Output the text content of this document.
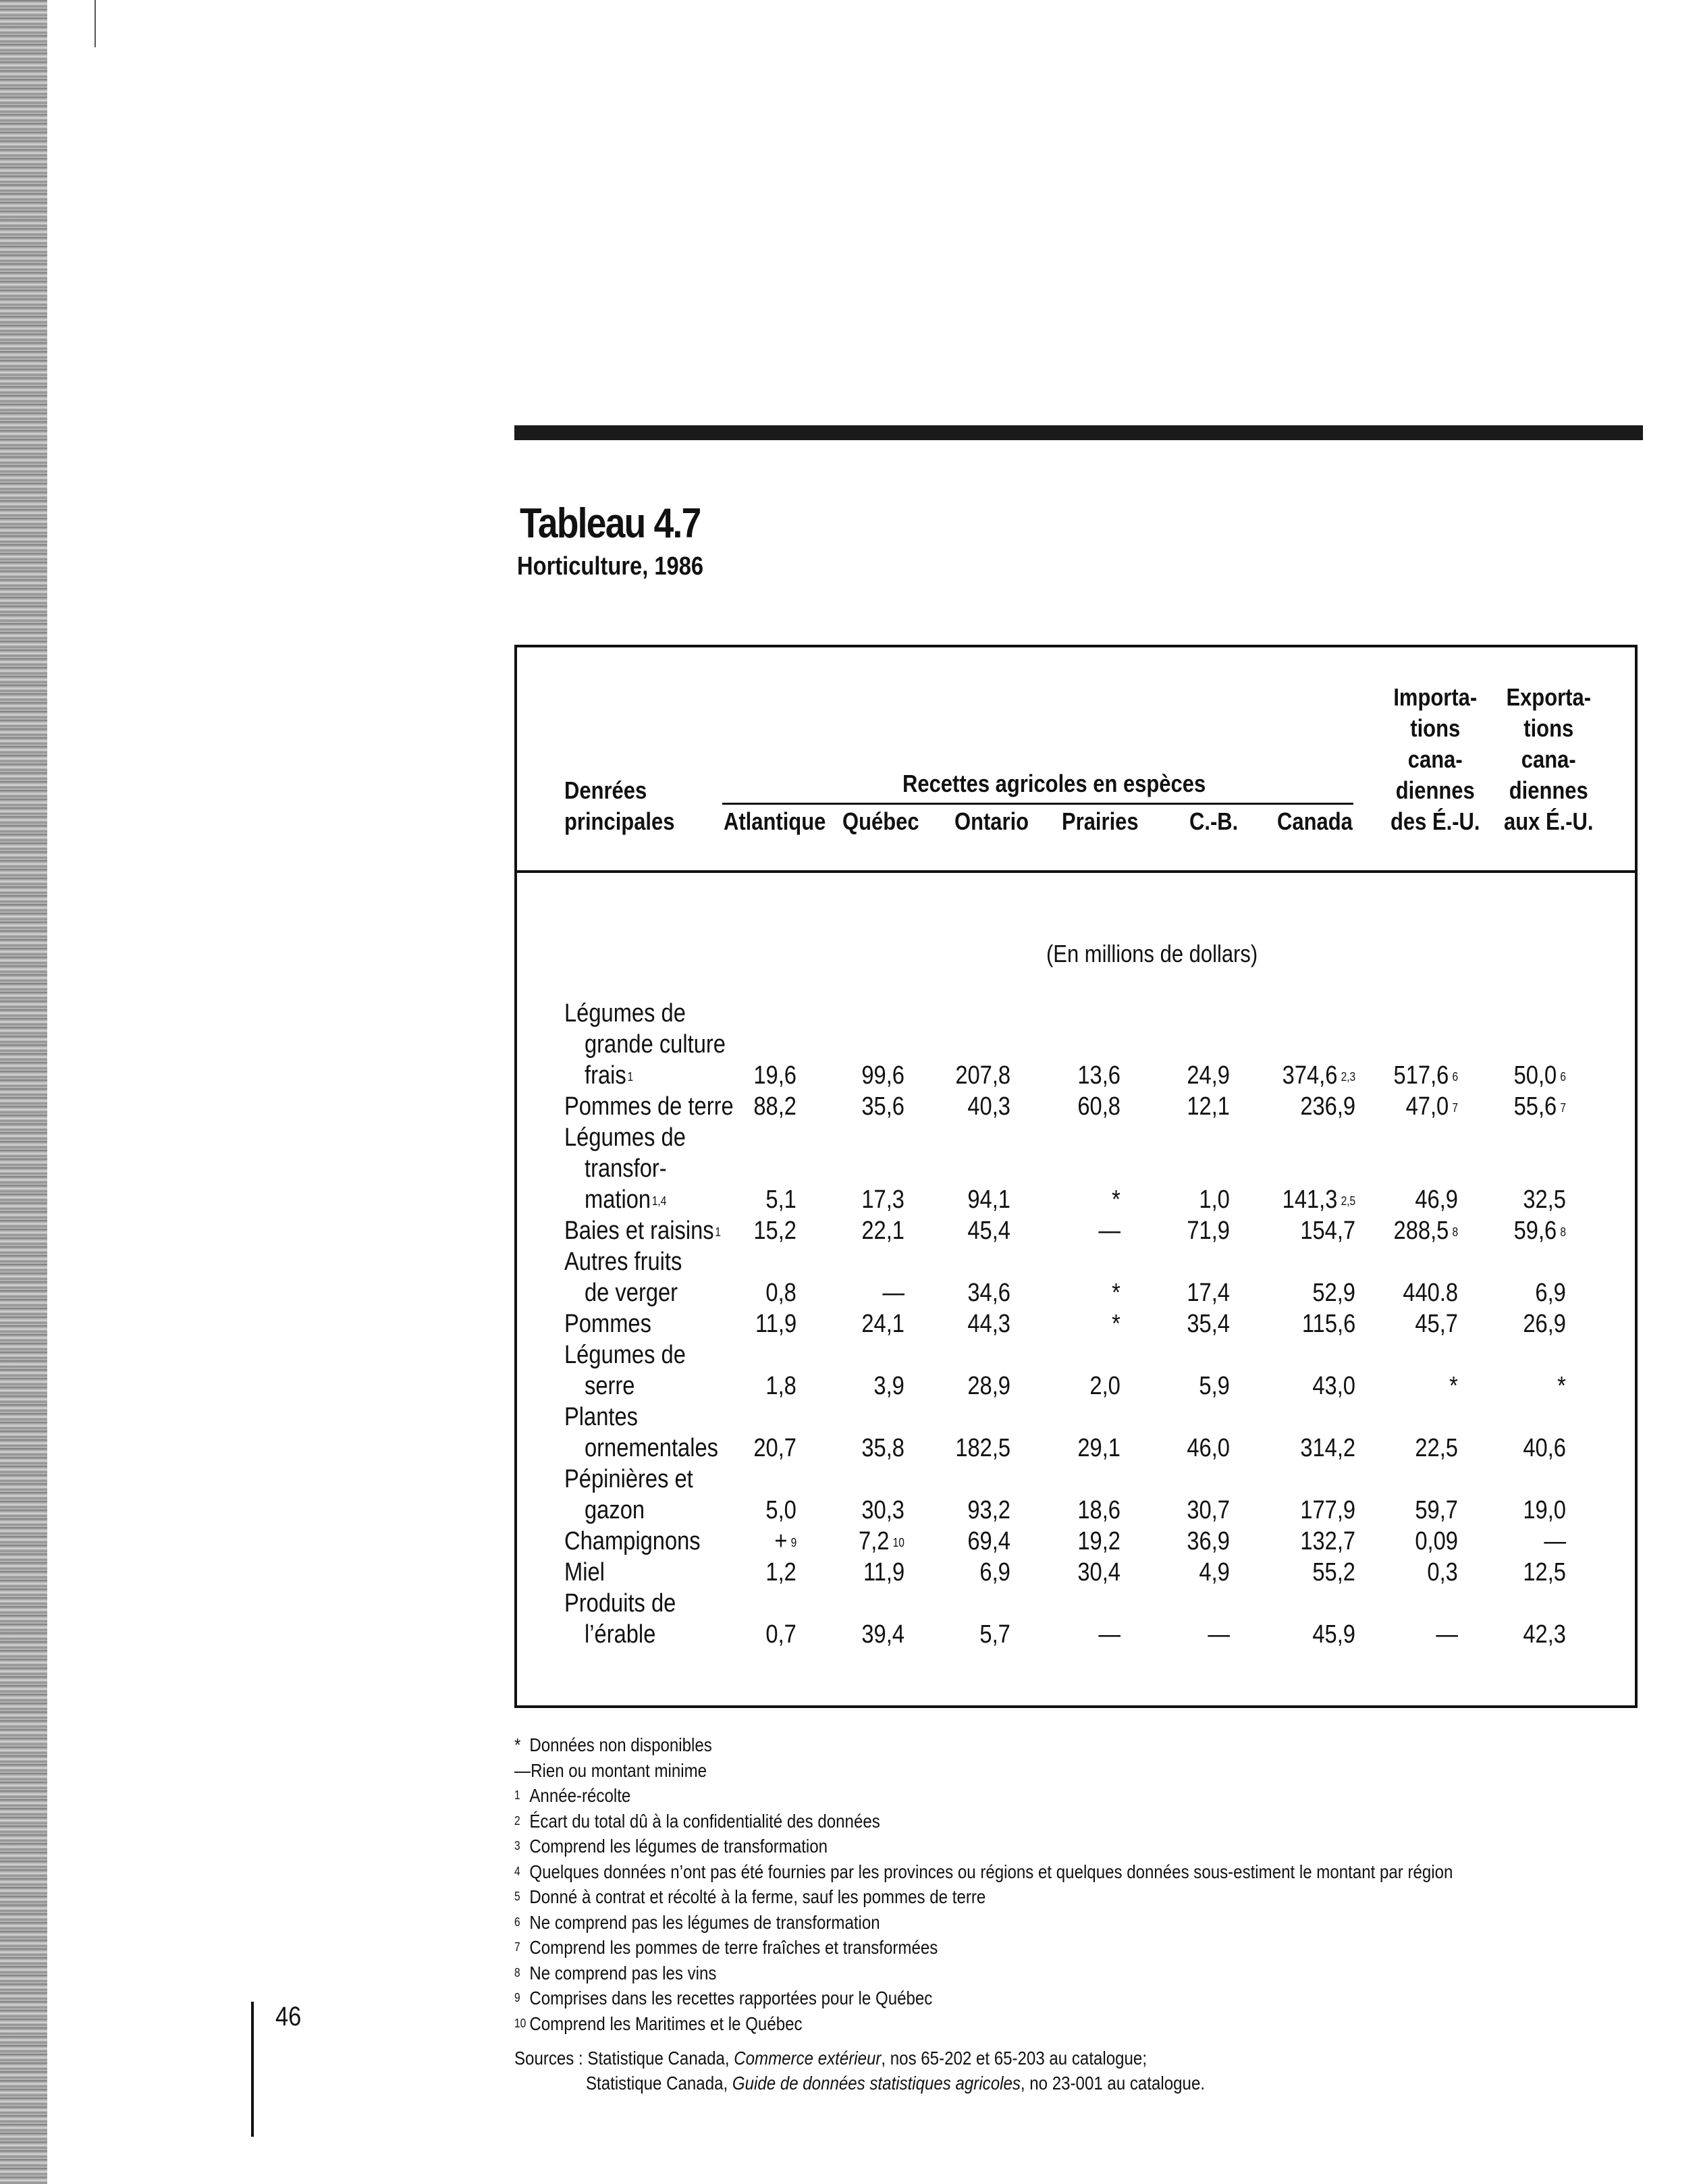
Tableau 4.7
Horticulture, 1986
Denrées
principales
Recettes agricoles en espèces
Atlantique Québec Ontario Prairies C.-B. Canada
Importa-
tions
cana-
diennes
des É.-U.
Exporta-
tions
cana-
diennes
aux É.-U.
(En millions de dollars)
Légumes de
grande culture
frais$^1$	19,6	99,6 207,8	13,6	24,9 374,6 $^{2,3}$ 517,6 $^6$ 50,0 $^6$
Pommes de terre 88,2	35,6 40,3	60,8	12,1	236,9 47,0 $^7$ 55,6 $^7$
Légumes de
transfor-
mation$^{1,4}$	5,1	17,3 94,1	*	1,0 141,3 $^{2,5}$ 46,9	32,5
Baies et raisins$^1$ 15,2	22,1 45,4	—	71,9	154,7 288,5 $^8$ 59,6 $^8$
Autres fruits
de verger	0,8	— 34,6	*	17,4	52,9 440.8	6,9
Pommes	11,9	24,1 44,3	*	35,4	115,6 45,7	26,9
Légumes de
serre	1,8	3,9 28,9	2,0	5,9	43,0	*	*
Plantes
ornementales 20,7	35,8 182,5	29,1	46,0	314,2 22,5	40,6
Pépinières et
gazon	5,0	30,3 93,2	18,6	30,7	177,9 59,7	19,0
Champignons	+ $^9$ 7,2 $^{10}$ 69,4	19,2	36,9	132,7 0,09	—
Miel	1,2	11,9	6,9	30,4	4,9	55,2	0,3	12,5
Produits de
l’érable	0,7	39,4	5,7	—	—	45,9	—	42,3
* Données non disponibles
—Rien ou montant minime
1 Année-récolte
2 Écart du total dû à la confidentialité des données
3 Comprend les légumes de transformation
4 Quelques données n’ont pas été fournies par les provinces ou régions et quelques données sous-estiment le montant par région
5 Donné à contrat et récolté à la ferme, sauf les pommes de terre
6 Ne comprend pas les légumes de transformation
7 Comprend les pommes de terre fraîches et transformées
8 Ne comprend pas les vins
9 Comprises dans les recettes rapportées pour le Québec
10 Comprend les Maritimes et le Québec
Sources : Statistique Canada, Commerce extérieur, nos 65-202 et 65-203 au catalogue;
Statistique Canada, Guide de données statistiques agricoles, no 23-001 au catalogue.
46
